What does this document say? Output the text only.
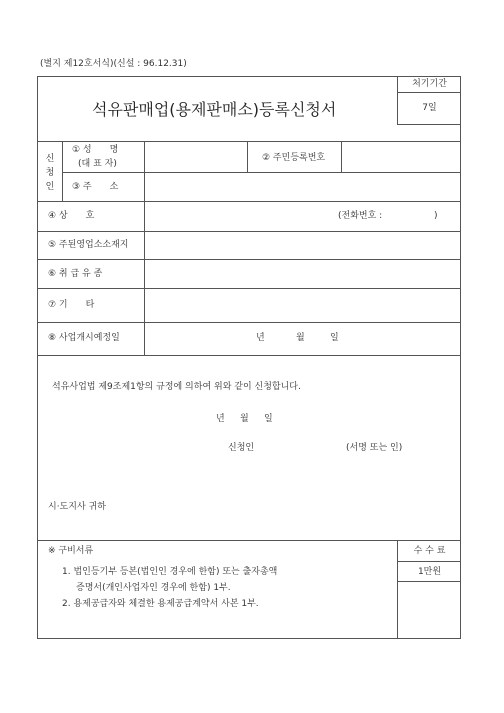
(별지 제12호서식)(신설 : 96.12.31)
석유판매업(용제판매소)등록신청서
처기기간
7일
신
청
인
① 성　　명
(대 표 자)
② 주민등록번호
③ 주　　소
④ 상　　호	(전화번호 :	)
⑤ 주된영업소소재지
⑥ 취 급 유 종
⑦ 기　　타
⑧ 사업개시예정일	년	월	일
석유사업법 제9조제1항의 규정에 의하여 위와 같이 신청합니다.
년 월 일
신청인	(서명 또는 인)
시·도지사 귀하
※ 구비서류
1. 법인등기부 등본(법인인 경우에 한함) 또는 출자총액
증명서(개인사업자인 경우에 한함) 1부.
2. 용제공급자와 체결한 용제공급계약서 사본 1부.
수 수 료
1만원
